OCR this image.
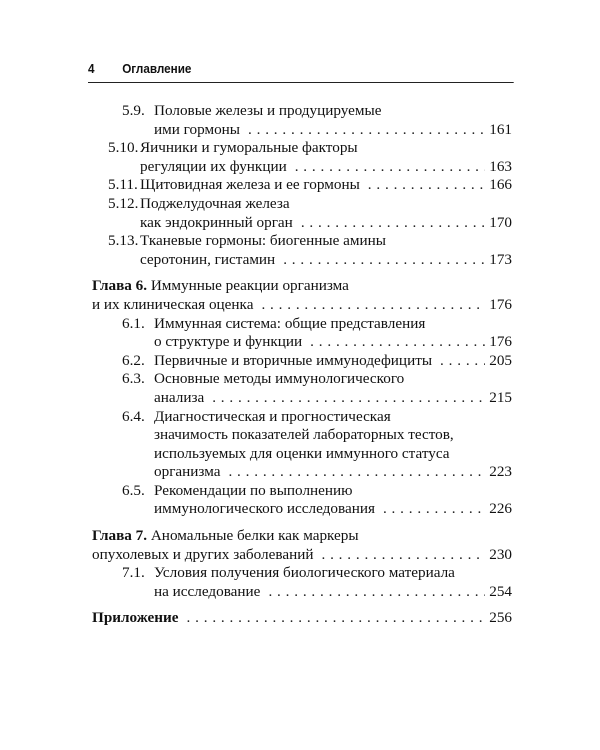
4 Оглавление
5.9. Половые железы и продуцируемые
ими гормоны . . .	161
5.10. Яичники и гуморальные факторы
регуляции их функции . . .	163
5.11. Щитовидная железа и ее гормоны . . .	166
5.12. Поджелудочная железа
как эндокринный орган . . .	170
5.13. Тканевые гормоны: биогенные амины
серотонин, гистамин . . .	173
Глава 6.
Иммунные реакции организма
и их клиническая оценка . . .	176
6.1. Иммунная система: общие представления
о структуре и функции . . .	176
6.2. Первичные и вторичные иммунодефициты . . .	205
6.3. Основные методы иммунологического
анализа . . .	215
6.4. Диагностическая и прогностическая
значимость показателей лабораторных тестов,
используемых для оценки иммунного статуса
организма . . .	223
6.5. Рекомендации по выполнению
иммунологического исследования . . .	226
Глава 7.
Аномальные белки как маркеры
опухолевых и других заболеваний . . .	230
7.1. Условия получения биологического материала
на исследование . . .	254
Приложение . . .	256
